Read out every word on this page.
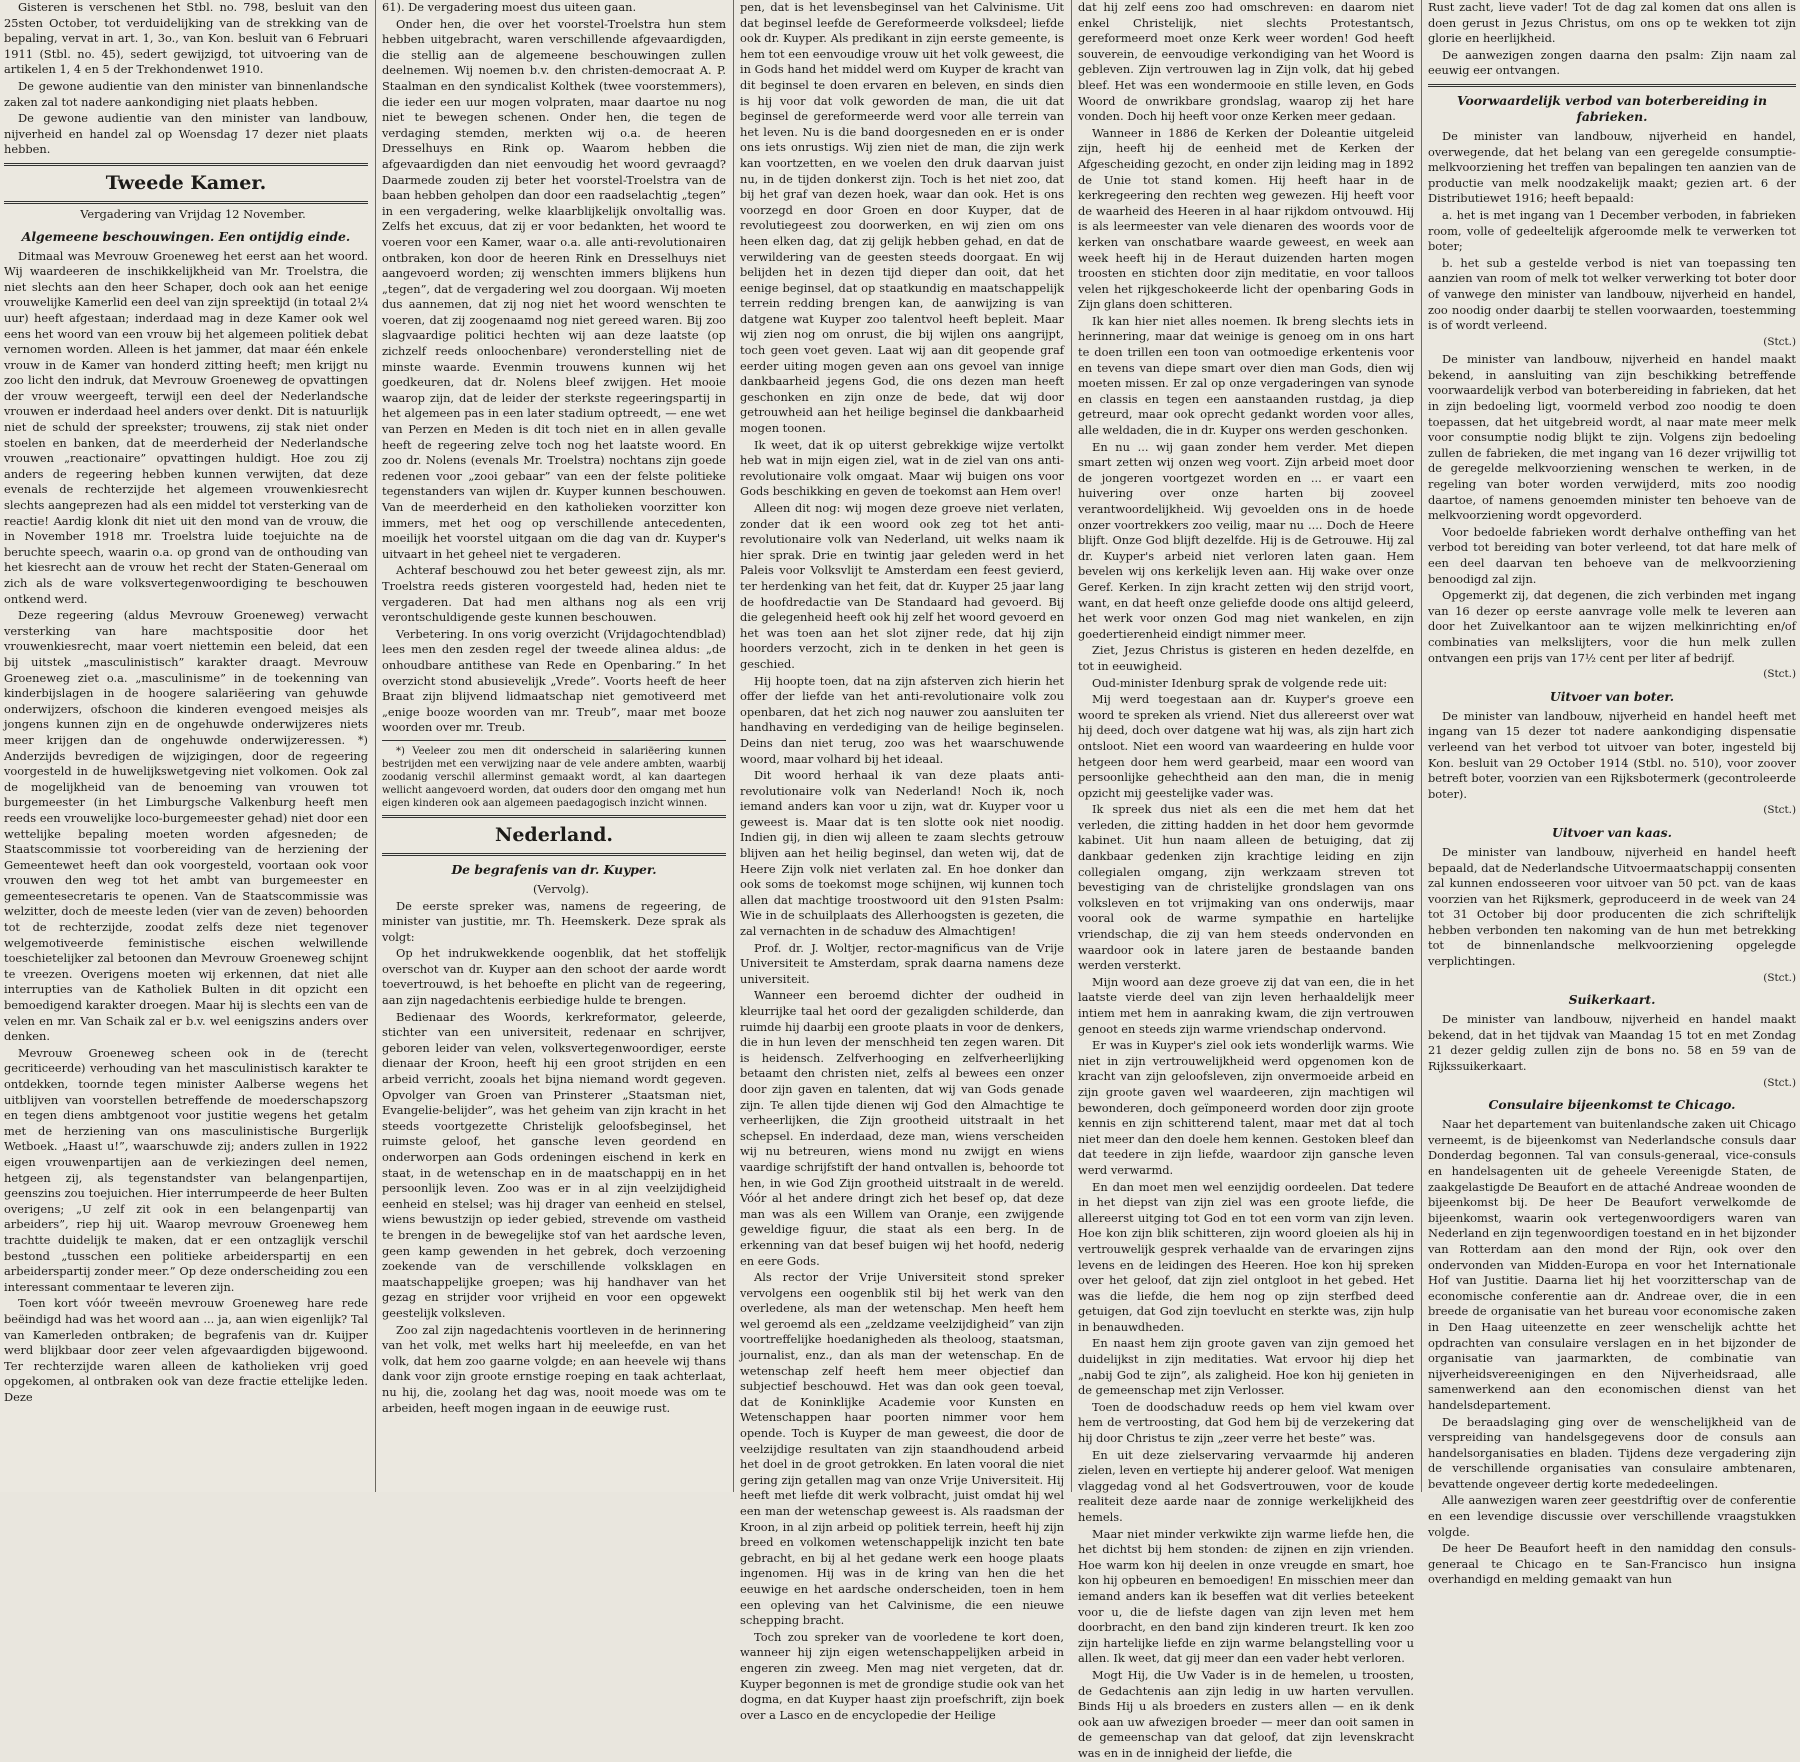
Gisteren is verschenen het Stbl. no. 798, besluit van den 25sten October, tot verduidelijking van de strekking van de bepaling, vervat in art. 1, 3o., van Kon. besluit van 6 Februari 1911 (Stbl. no. 45), sedert gewijzigd, tot uitvoering van de artikelen 1, 4 en 5 der Trekhondenwet 1910.

De gewone audientie van den minister van binnenlandsche zaken zal tot nadere aankondiging niet plaats hebben.

De gewone audientie van den minister van landbouw, nijverheid en handel zal op Woensdag 17 dezer niet plaats hebben.

Tweede Kamer.

Vergadering van Vrijdag 12 November.

Algemeene beschouwingen. Een ontijdig einde.

Ditmaal was Mevrouw Groeneweg het eerst aan het woord. Wij waardeeren de inschikkelijkheid van Mr. Troelstra, die niet slechts aan den heer Schaper, doch ook aan het eenige vrouwelijke Kamerlid een deel van zijn spreektijd (in totaal 2¼ uur) heeft afgestaan; inderdaad mag in deze Kamer ook wel eens het woord van een vrouw bij het algemeen politiek debat vernomen worden. Alleen is het jammer, dat maar één enkele vrouw in de Kamer van honderd zitting heeft; men krijgt nu zoo licht den indruk, dat Mevrouw Groeneweg de opvattingen der vrouw weergeeft, terwijl een deel der Nederlandsche vrouwen er inderdaad heel anders over denkt. Dit is natuurlijk niet de schuld der spreekster; trouwens, zij stak niet onder stoelen en banken, dat de meerderheid der Nederlandsche vrouwen „reactionaire” opvattingen huldigt. Hoe zou zij anders de regeering hebben kunnen verwijten, dat deze evenals de rechterzijde het algemeen vrouwenkiesrecht slechts aangeprezen had als een middel tot versterking van de reactie! Aardig klonk dit niet uit den mond van de vrouw, die in November 1918 mr. Troelstra luide toejuichte na de beruchte speech, waarin o.a. op grond van de onthouding van het kiesrecht aan de vrouw het recht der Staten-Generaal om zich als de ware volksvertegenwoordiging te beschouwen ontkend werd.

Deze regeering (aldus Mevrouw Groeneweg) verwacht versterking van hare machtspositie door het vrouwenkiesrecht, maar voert niettemin een beleid, dat een bij uitstek „masculinistisch” karakter draagt. Mevrouw Groeneweg ziet o.a. „masculinisme” in de toekenning van kinderbijslagen in de hoogere salariëering van gehuwde onderwijzers, ofschoon die kinderen evengoed meisjes als jongens kunnen zijn en de ongehuwde onderwijzeres niets meer krijgen dan de ongehuwde onderwijzeressen. *) Anderzijds bevredigen de wijzigingen, door de regeering voorgesteld in de huwelijkswetgeving niet volkomen. Ook zal de mogelijkheid van de benoeming van vrouwen tot burgemeester (in het Limburgsche Valkenburg heeft men reeds een vrouwelijke loco-burgemeester gehad) niet door een wettelijke bepaling moeten worden afgesneden; de Staatscommissie tot voorbereiding van de herziening der Gemeentewet heeft dan ook voorgesteld, voortaan ook voor vrouwen den weg tot het ambt van burgemeester en gemeentesecretaris te openen. Van de Staatscommissie was welzitter, doch de meeste leden (vier van de zeven) behoorden tot de rechterzijde, zoodat zelfs deze niet tegenover welgemotiveerde feministische eischen welwillende toeschietelijker zal betoonen dan Mevrouw Groeneweg schijnt te vreezen. Overigens moeten wij erkennen, dat niet alle interrupties van de Katholiek Bulten in dit opzicht een bemoedigend karakter droegen. Maar hij is slechts een van de velen en mr. Van Schaik zal er b.v. wel eenigszins anders over denken.

Mevrouw Groeneweg scheen ook in de (terecht gecriticeerde) verhouding van het masculinistisch karakter te ontdekken, toornde tegen minister Aalberse wegens het uitblijven van voorstellen betreffende de moederschapszorg en tegen diens ambtgenoot voor justitie wegens het getalm met de herziening van ons masculinistische Burgerlijk Wetboek. „Haast u!”, waarschuwde zij; anders zullen in 1922 eigen vrouwenpartijen aan de verkiezingen deel nemen, hetgeen zij, als tegenstandster van belangenpartijen, geenszins zou toejuichen. Hier interrumpeerde de heer Bulten overigens; „U zelf zit ook in een belangenpartij van arbeiders”, riep hij uit. Waarop mevrouw Groeneweg hem trachtte duidelijk te maken, dat er een ontzaglijk verschil bestond „tusschen een politieke arbeiderspartij en een arbeiderspartij zonder meer.” Op deze onderscheiding zou een interessant commentaar te leveren zijn.

Toen kort vóór tweeën mevrouw Groeneweg hare rede beëindigd had was het woord aan ... ja, aan wien eigenlijk? Tal van Kamerleden ontbraken; de begrafenis van dr. Kuijper werd blijkbaar door zeer velen afgevaardigden bijgewoond. Ter rechterzijde waren alleen de katholieken vrij goed opgekomen, al ontbraken ook van deze fractie ettelijke leden. Deze

61). De vergadering moest dus uiteen gaan.

Onder hen, die over het voorstel-Troelstra hun stem hebben uitgebracht, waren verschillende afgevaardigden, die stellig aan de algemeene beschouwingen zullen deelnemen. Wij noemen b.v. den christen-democraat A. P. Staalman en den syndicalist Kolthek (twee voorstemmers), die ieder een uur mogen volpraten, maar daartoe nu nog niet te bewegen schenen. Onder hen, die tegen de verdaging stemden, merkten wij o.a. de heeren Dresselhuys en Rink op. Waarom hebben die afgevaardigden dan niet eenvoudig het woord gevraagd? Daarmede zouden zij beter het voorstel-Troelstra van de baan hebben geholpen dan door een raadselachtig „tegen” in een vergadering, welke klaarblijkelijk onvoltallig was. Zelfs het excuus, dat zij er voor bedankten, het woord te voeren voor een Kamer, waar o.a. alle anti-revolutionairen ontbraken, kon door de heeren Rink en Dresselhuys niet aangevoerd worden; zij wenschten immers blijkens hun „tegen”, dat de vergadering wel zou doorgaan. Wij moeten dus aannemen, dat zij nog niet het woord wenschten te voeren, dat zij zoogenaamd nog niet gereed waren. Bij zoo slagvaardige politici hechten wij aan deze laatste (op zichzelf reeds onloochenbare) veronderstelling niet de minste waarde. Evenmin trouwens kunnen wij het goedkeuren, dat dr. Nolens bleef zwijgen. Het mooie waarop zijn, dat de leider der sterkste regeeringspartij in het algemeen pas in een later stadium optreedt, — ene wet van Perzen en Meden is dit toch niet en in allen gevalle heeft de regeering zelve toch nog het laatste woord. En zoo dr. Nolens (evenals Mr. Troelstra) nochtans zijn goede redenen voor „zooi gebaar” van een der felste politieke tegenstanders van wijlen dr. Kuyper kunnen beschouwen. Van de meerderheid en den katholieken voorzitter kon immers, met het oog op verschillende antecedenten, moeilijk het voorstel uitgaan om die dag van dr. Kuyper's uitvaart in het geheel niet te vergaderen.

Achteraf beschouwd zou het beter geweest zijn, als mr. Troelstra reeds gisteren voorgesteld had, heden niet te vergaderen. Dat had men althans nog als een vrij verontschuldigende geste kunnen beschouwen.

Verbetering. In ons vorig overzicht (Vrijdagochtendblad) lees men den zesden regel der tweede alinea aldus: „de onhoudbare antithese van Rede en Openbaring.” In het overzicht stond abusievelijk „Vrede”. Voorts heeft de heer Braat zijn blijvend lidmaatschap niet gemotiveerd met „enige booze woorden van mr. Treub”, maar met booze woorden over mr. Treub.

*) Veeleer zou men dit onderscheid in salariëering kunnen bestrijden met een verwijzing naar de vele andere ambten, waarbij zoodanig verschil allerminst gemaakt wordt, al kan daartegen wellicht aangevoerd worden, dat ouders door den omgang met hun eigen kinderen ook aan algemeen paedagogisch inzicht winnen.

Nederland.
De begrafenis van dr. Kuyper.

(Vervolg).

De eerste spreker was, namens de regeering, de minister van justitie, mr. Th. Heemskerk. Deze sprak als volgt:

Op het indrukwekkende oogenblik, dat het stoffelijk overschot van dr. Kuyper aan den schoot der aarde wordt toevertrouwd, is het behoefte en plicht van de regeering, aan zijn nagedachtenis eerbiedige hulde te brengen.

Bedienaar des Woords, kerkreformator, geleerde, stichter van een universiteit, redenaar en schrijver, geboren leider van velen, volksvertegenwoordiger, eerste dienaar der Kroon, heeft hij een groot strijden en een arbeid verricht, zooals het bijna niemand wordt gegeven. Opvolger van Groen van Prinsterer „Staatsman niet, Evangelie-belijder”, was het geheim van zijn kracht in het steeds voortgezette Christelijk geloofsbeginsel, het ruimste geloof, het gansche leven geordend en onderworpen aan Gods ordeningen eischend in kerk en staat, in de wetenschap en in de maatschappij en in het persoonlijk leven. Zoo was er in al zijn veelzijdigheid eenheid en stelsel; was hij drager van eenheid en stelsel, wiens bewustzijn op ieder gebied, strevende om vastheid te brengen in de bewegelijke stof van het aardsche leven, geen kamp gewenden in het gebrek, doch verzoening zoekende van de verschillende volksklagen en maatschappelijke groepen; was hij handhaver van het gezag en strijder voor vrijheid en voor een opgewekt geestelijk volksleven.

Zoo zal zijn nagedachtenis voortleven in de herinnering van het volk, met welks hart hij meeleefde, en van het volk, dat hem zoo gaarne volgde; en aan heevele wij thans dank voor zijn groote ernstige roeping en taak achterlaat, nu hij, die, zoolang het dag was, nooit moede was om te arbeiden, heeft mogen ingaan in de eeuwige rust.

pen, dat is het levensbeginsel van het Calvinisme. Uit dat beginsel leefde de Gereformeerde volksdeel; liefde ook dr. Kuyper. Als predikant in zijn eerste gemeente, is hem tot een eenvoudige vrouw uit het volk geweest, die in Gods hand het middel werd om Kuyper de kracht van dit beginsel te doen ervaren en beleven, en sinds dien is hij voor dat volk geworden de man, die uit dat beginsel de gereformeerde werd voor alle terrein van het leven. Nu is die band doorgesneden en er is onder ons iets onrustigs. Wij zien niet de man, die zijn werk kan voortzetten, en we voelen den druk daarvan juist nu, in de tijden donkerst zijn. Toch is het niet zoo, dat bij het graf van dezen hoek, waar dan ook. Het is ons voorzegd en door Groen en door Kuyper, dat de revolutiegeest zou doorwerken, en wij zien om ons heen elken dag, dat zij gelijk hebben gehad, en dat de verwildering van de geesten steeds doorgaat. En wij belijden het in dezen tijd dieper dan ooit, dat het eenige beginsel, dat op staatkundig en maatschappelijk terrein redding brengen kan, de aanwijzing is van datgene wat Kuyper zoo talentvol heeft bepleit. Maar wij zien nog om onrust, die bij wijlen ons aangrijpt, toch geen voet geven. Laat wij aan dit geopende graf eerder uiting mogen geven aan ons gevoel van innige dankbaarheid jegens God, die ons dezen man heeft geschonken en zijn onze de bede, dat wij door getrouwheid aan het heilige beginsel die dankbaarheid mogen toonen.

Ik weet, dat ik op uiterst gebrekkige wijze vertolkt heb wat in mijn eigen ziel, wat in de ziel van ons anti-revolutionaire volk omgaat. Maar wij buigen ons voor Gods beschikking en geven de toekomst aan Hem over!

Alleen dit nog: wij mogen deze groeve niet verlaten, zonder dat ik een woord ook zeg tot het anti-revolutionaire volk van Nederland, uit welks naam ik hier sprak. Drie en twintig jaar geleden werd in het Paleis voor Volksvlijt te Amsterdam een feest gevierd, ter herdenking van het feit, dat dr. Kuyper 25 jaar lang de hoofdredactie van De Standaard had gevoerd. Bij die gelegenheid heeft ook hij zelf het woord gevoerd en het was toen aan het slot zijner rede, dat hij zijn hoorders verzocht, zich in te denken in het geen is geschied.

Hij hoopte toen, dat na zijn afsterven zich hierin het offer der liefde van het anti-revolutionaire volk zou openbaren, dat het zich nog nauwer zou aansluiten ter handhaving en verdediging van de heilige beginselen. Deins dan niet terug, zoo was het waarschuwende woord, maar volhard bij het ideaal.

Dit woord herhaal ik van deze plaats anti-revolutionaire volk van Nederland! Noch ik, noch iemand anders kan voor u zijn, wat dr. Kuyper voor u geweest is. Maar dat is ten slotte ook niet noodig. Indien gij, in dien wij alleen te zaam slechts getrouw blijven aan het heilig beginsel, dan weten wij, dat de Heere Zijn volk niet verlaten zal. En hoe donker dan ook soms de toekomst moge schijnen, wij kunnen toch allen dat machtige troostwoord uit den 91sten Psalm: Wie in de schuilplaats des Allerhoogsten is gezeten, die zal vernachten in de schaduw des Almachtigen!

Prof. dr. J. Woltjer, rector-magnificus van de Vrije Universiteit te Amsterdam, sprak daarna namens deze universiteit.

Wanneer een beroemd dichter der oudheid in kleurrijke taal het oord der gezaligden schilderde, dan ruimde hij daarbij een groote plaats in voor de denkers, die in hun leven der menschheid ten zegen waren. Dit is heidensch. Zelfverhooging en zelfverheerlijking betaamt den christen niet, zelfs al bewees een onzer door zijn gaven en talenten, dat wij van Gods genade zijn. Te allen tijde dienen wij God den Almachtige te verheerlijken, die Zijn grootheid uitstraalt in het schepsel. En inderdaad, deze man, wiens verscheiden wij nu betreuren, wiens mond nu zwijgt en wiens vaardige schrijfstift der hand ontvallen is, behoorde tot hen, in wie God Zijn grootheid uitstraalt in de wereld. Vóór al het andere dringt zich het besef op, dat deze man was als een Willem van Oranje, een zwijgende geweldige figuur, die staat als een berg. In de erkenning van dat besef buigen wij het hoofd, nederig en eere Gods.

Als rector der Vrije Universiteit stond spreker vervolgens een oogenblik stil bij het werk van den overledene, als man der wetenschap. Men heeft hem wel geroemd als een „zeldzame veelzijdigheid” van zijn voortreffelijke hoedanigheden als theoloog, staatsman, journalist, enz., dan als man der wetenschap. En de wetenschap zelf heeft hem meer objectief dan subjectief beschouwd. Het was dan ook geen toeval, dat de Koninklijke Academie voor Kunsten en Wetenschappen haar poorten nimmer voor hem opende. Toch is Kuyper de man geweest, die door de veelzijdige resultaten van zijn staandhoudend arbeid het doel in de groot getrokken. En laten vooral die niet gering zijn getallen mag van onze Vrije Universiteit. Hij heeft met liefde dit werk volbracht, juist omdat hij wel een man der wetenschap geweest is. Als raadsman der Kroon, in al zijn arbeid op politiek terrein, heeft hij zijn breed en volkomen wetenschappelijk inzicht ten bate gebracht, en bij al het gedane werk een hooge plaats ingenomen. Hij was in de kring van hen die het eeuwige en het aardsche onderscheiden, toen in hem een opleving van het Calvinisme, die een nieuwe schepping bracht.

Toch zou spreker van de voorledene te kort doen, wanneer hij zijn eigen wetenschappelijken arbeid in engeren zin zweeg. Men mag niet vergeten, dat dr. Kuyper begonnen is met de grondige studie ook van het dogma, en dat Kuyper haast zijn proefschrift, zijn boek over a Lasco en de encyclopedie der Heilige

dat hij zelf eens zoo had omschreven: en daarom niet enkel Christelijk, niet slechts Protestantsch, gereformeerd moet onze Kerk weer worden! God heeft souverein, de eenvoudige verkondiging van het Woord is gebleven. Zijn vertrouwen lag in Zijn volk, dat hij gebed bleef. Het was een wondermooie en stille leven, en Gods Woord de onwrikbare grondslag, waarop zij het hare vonden. Doch hij heeft voor onze Kerken meer gedaan.

Wanneer in 1886 de Kerken der Doleantie uitgeleid zijn, heeft hij de eenheid met de Kerken der Afgescheiding gezocht, en onder zijn leiding mag in 1892 de Unie tot stand komen. Hij heeft haar in de kerkregeering den rechten weg gewezen. Hij heeft voor de waarheid des Heeren in al haar rijkdom ontvouwd. Hij is als leermeester van vele dienaren des woords voor de kerken van onschatbare waarde geweest, en week aan week heeft hij in de Heraut duizenden harten mogen troosten en stichten door zijn meditatie, en voor talloos velen het rijkgeschokeerde licht der openbaring Gods in Zijn glans doen schitteren.

Ik kan hier niet alles noemen. Ik breng slechts iets in herinnering, maar dat weinige is genoeg om in ons hart te doen trillen een toon van ootmoedige erkentenis voor en tevens van diepe smart over dien man Gods, dien wij moeten missen. Er zal op onze vergaderingen van synode en classis en tegen een aanstaanden rustdag, ja diep getreurd, maar ook oprecht gedankt worden voor alles, alle weldaden, die in dr. Kuyper ons werden geschonken.

En nu ... wij gaan zonder hem verder. Met diepen smart zetten wij onzen weg voort. Zijn arbeid moet door de jongeren voortgezet worden en ... er vaart een huivering over onze harten bij zooveel verantwoordelijkheid. Wij gevoelden ons in de hoede onzer voortrekkers zoo veilig, maar nu .... Doch de Heere blijft. Onze God blijft dezelfde. Hij is de Getrouwe. Hij zal dr. Kuyper's arbeid niet verloren laten gaan. Hem bevelen wij ons kerkelijk leven aan. Hij wake over onze Geref. Kerken. In zijn kracht zetten wij den strijd voort, want, en dat heeft onze geliefde doode ons altijd geleerd, het werk voor onzen God mag niet wankelen, en zijn goedertierenheid eindigt nimmer meer.

Ziet, Jezus Christus is gisteren en heden dezelfde, en tot in eeuwigheid.

Oud-minister Idenburg sprak de volgende rede uit:

Mij werd toegestaan aan dr. Kuyper's groeve een woord te spreken als vriend. Niet dus allereerst over wat hij deed, doch over datgene wat hij was, als zijn hart zich ontsloot. Niet een woord van waardeering en hulde voor hetgeen door hem werd gearbeid, maar een woord van persoonlijke gehechtheid aan den man, die in menig opzicht mij geestelijke vader was.

Ik spreek dus niet als een die met hem dat het verleden, die zitting hadden in het door hem gevormde kabinet. Uit hun naam alleen de betuiging, dat zij dankbaar gedenken zijn krachtige leiding en zijn collegialen omgang, zijn werkzaam streven tot bevestiging van de christelijke grondslagen van ons volksleven en tot vrijmaking van ons onderwijs, maar vooral ook de warme sympathie en hartelijke vriendschap, die zij van hem steeds ondervonden en waardoor ook in latere jaren de bestaande banden werden versterkt.

Mijn woord aan deze groeve zij dat van een, die in het laatste vierde deel van zijn leven herhaaldelijk meer intiem met hem in aanraking kwam, die zijn vertrouwen genoot en steeds zijn warme vriendschap ondervond.

Er was in Kuyper's ziel ook iets wonderlijk warms. Wie niet in zijn vertrouwelijkheid werd opgenomen kon de kracht van zijn geloofsleven, zijn onvermoeide arbeid en zijn groote gaven wel waardeeren, zijn machtigen wil bewonderen, doch geïmponeerd worden door zijn groote kennis en zijn schitterend talent, maar met dat al toch niet meer dan den doele hem kennen. Gestoken bleef dan dat teedere in zijn liefde, waardoor zijn gansche leven werd verwarmd.

En dan moet men wel eenzijdig oordeelen. Dat tedere in het diepst van zijn ziel was een groote liefde, die allereerst uitging tot God en tot een vorm van zijn leven. Hoe kon zijn blik schitteren, zijn woord gloeien als hij in vertrouwelijk gesprek verhaalde van de ervaringen zijns levens en de leidingen des Heeren. Hoe kon hij spreken over het geloof, dat zijn ziel ontgloot in het gebed. Het was die liefde, die hem nog op zijn sterfbed deed getuigen, dat God zijn toevlucht en sterkte was, zijn hulp in benauwdheden.

En naast hem zijn groote gaven van zijn gemoed het duidelijkst in zijn meditaties. Wat ervoor hij diep het „nabij God te zijn”, als zaligheid. Hoe kon hij genieten in de gemeenschap met zijn Verlosser.

Toen de doodschaduw reeds op hem viel kwam over hem de vertroosting, dat God hem bij de verzekering dat hij door Christus te zijn „zeer verre het beste” was.

En uit deze zielservaring vervaarmde hij anderen zielen, leven en vertiepte hij anderer geloof. Wat menigen vlaggedag vond al het Godsvertrouwen, voor de koude realiteit deze aarde naar de zonnige werkelijkheid des hemels.

Maar niet minder verkwikte zijn warme liefde hen, die het dichtst bij hem stonden: de zijnen en zijn vrienden. Hoe warm kon hij deelen in onze vreugde en smart, hoe kon hij opbeuren en bemoedigen! En misschien meer dan iemand anders kan ik beseffen wat dit verlies beteekent voor u, die de liefste dagen van zijn leven met hem doorbracht, en den band zijn kinderen treurt. Ik ken zoo zijn hartelijke liefde en zijn warme belangstelling voor u allen. Ik weet, dat gij meer dan een vader hebt verloren.

Mogt Hij, die Uw Vader is in de hemelen, u troosten, de Gedachtenis aan zijn ledig in uw harten vervullen. Binds Hij u als broeders en zusters allen — en ik denk ook aan uw afwezigen broeder — meer dan ooit samen in de gemeenschap van dat geloof, dat zijn levenskracht was en in de innigheid der liefde, die

Rust zacht, lieve vader! Tot de dag zal komen dat ons allen is doen gerust in Jezus Christus, om ons op te wekken tot zijn glorie en heerlijkheid.

De aanwezigen zongen daarna den psalm: Zijn naam zal eeuwig eer ontvangen.

Voorwaardelijk verbod van boterbereiding in fabrieken.

De minister van landbouw, nijverheid en handel, overwegende, dat het belang van een geregelde consumptie-melkvoorziening het treffen van bepalingen ten aanzien van de productie van melk noodzakelijk maakt; gezien art. 6 der Distributiewet 1916; heeft bepaald:

a. het is met ingang van 1 December verboden, in fabrieken room, volle of gedeeltelijk afgeroomde melk te verwerken tot boter;

b. het sub a gestelde verbod is niet van toepassing ten aanzien van room of melk tot welker verwerking tot boter door of vanwege den minister van landbouw, nijverheid en handel, zoo noodig onder daarbij te stellen voorwaarden, toestemming is of wordt verleend.

(Stct.)

De minister van landbouw, nijverheid en handel maakt bekend, in aansluiting van zijn beschikking betreffende voorwaardelijk verbod van boterbereiding in fabrieken, dat het in zijn bedoeling ligt, voormeld verbod zoo noodig te doen toepassen, dat het uitgebreid wordt, al naar mate meer melk voor consumptie nodig blijkt te zijn. Volgens zijn bedoeling zullen de fabrieken, die met ingang van 16 dezer vrijwillig tot de geregelde melkvoorziening wenschen te werken, in de regeling van boter worden verwijderd, mits zoo noodig daartoe, of namens genoemden minister ten behoeve van de melkvoorziening wordt opgevorderd.

Voor bedoelde fabrieken wordt derhalve ontheffing van het verbod tot bereiding van boter verleend, tot dat hare melk of een deel daarvan ten behoeve van de melkvoorziening benoodigd zal zijn.

Opgemerkt zij, dat degenen, die zich verbinden met ingang van 16 dezer op eerste aanvrage volle melk te leveren aan door het Zuivelkantoor aan te wijzen melkinrichting en/of combinaties van melkslijters, voor die hun melk zullen ontvangen een prijs van 17½ cent per liter af bedrijf.

(Stct.)
Uitvoer van boter.

De minister van landbouw, nijverheid en handel heeft met ingang van 15 dezer tot nadere aankondiging dispensatie verleend van het verbod tot uitvoer van boter, ingesteld bij Kon. besluit van 29 October 1914 (Stbl. no. 510), voor zoover betreft boter, voorzien van een Rijksbotermerk (gecontroleerde boter).

(Stct.)
Uitvoer van kaas.

De minister van landbouw, nijverheid en handel heeft bepaald, dat de Nederlandsche Uitvoermaatschappij consenten zal kunnen endosseeren voor uitvoer van 50 pct. van de kaas voorzien van het Rijksmerk, geproduceerd in de week van 24 tot 31 October bij door producenten die zich schriftelijk hebben verbonden ten nakoming van de hun met betrekking tot de binnenlandsche melkvoorziening opgelegde verplichtingen.

(Stct.)
Suikerkaart.

De minister van landbouw, nijverheid en handel maakt bekend, dat in het tijdvak van Maandag 15 tot en met Zondag 21 dezer geldig zullen zijn de bons no. 58 en 59 van de Rijkssuikerkaart.

(Stct.)
Consulaire bijeenkomst te Chicago.

Naar het departement van buitenlandsche zaken uit Chicago verneemt, is de bijeenkomst van Nederlandsche consuls daar Donderdag begonnen. Tal van consuls-generaal, vice-consuls en handelsagenten uit de geheele Vereenigde Staten, de zaakgelastigde De Beaufort en de attaché Andreae woonden de bijeenkomst bij. De heer De Beaufort verwelkomde de bijeenkomst, waarin ook vertegenwoordigers waren van Nederland en zijn tegenwoordigen toestand en in het bijzonder van Rotterdam aan den mond der Rijn, ook over den ondervonden van Midden-Europa en voor het Internationale Hof van Justitie. Daarna liet hij het voorzitterschap van de economische conferentie aan dr. Andreae over, die in een breede de organisatie van het bureau voor economische zaken in Den Haag uiteenzette en zeer wenschelijk achtte het opdrachten van consulaire verslagen en in het bijzonder de organisatie van jaarmarkten, de combinatie van nijverheidsvereenigingen en den Nijverheidsraad, alle samenwerkend aan den economischen dienst van het handelsdepartement.

De beraadslaging ging over de wenschelijkheid van de verspreiding van handelsgegevens door de consuls aan handelsorganisaties en bladen. Tijdens deze vergadering zijn de verschillende organisaties van consulaire ambtenaren, bevattende ongeveer dertig korte mededeelingen.

Alle aanwezigen waren zeer geestdriftig over de conferentie en een levendige discussie over verschillende vraagstukken volgde.

De heer De Beaufort heeft in den namiddag den consuls-generaal te Chicago en te San-Francisco hun insigna overhandigd en melding gemaakt van hun
